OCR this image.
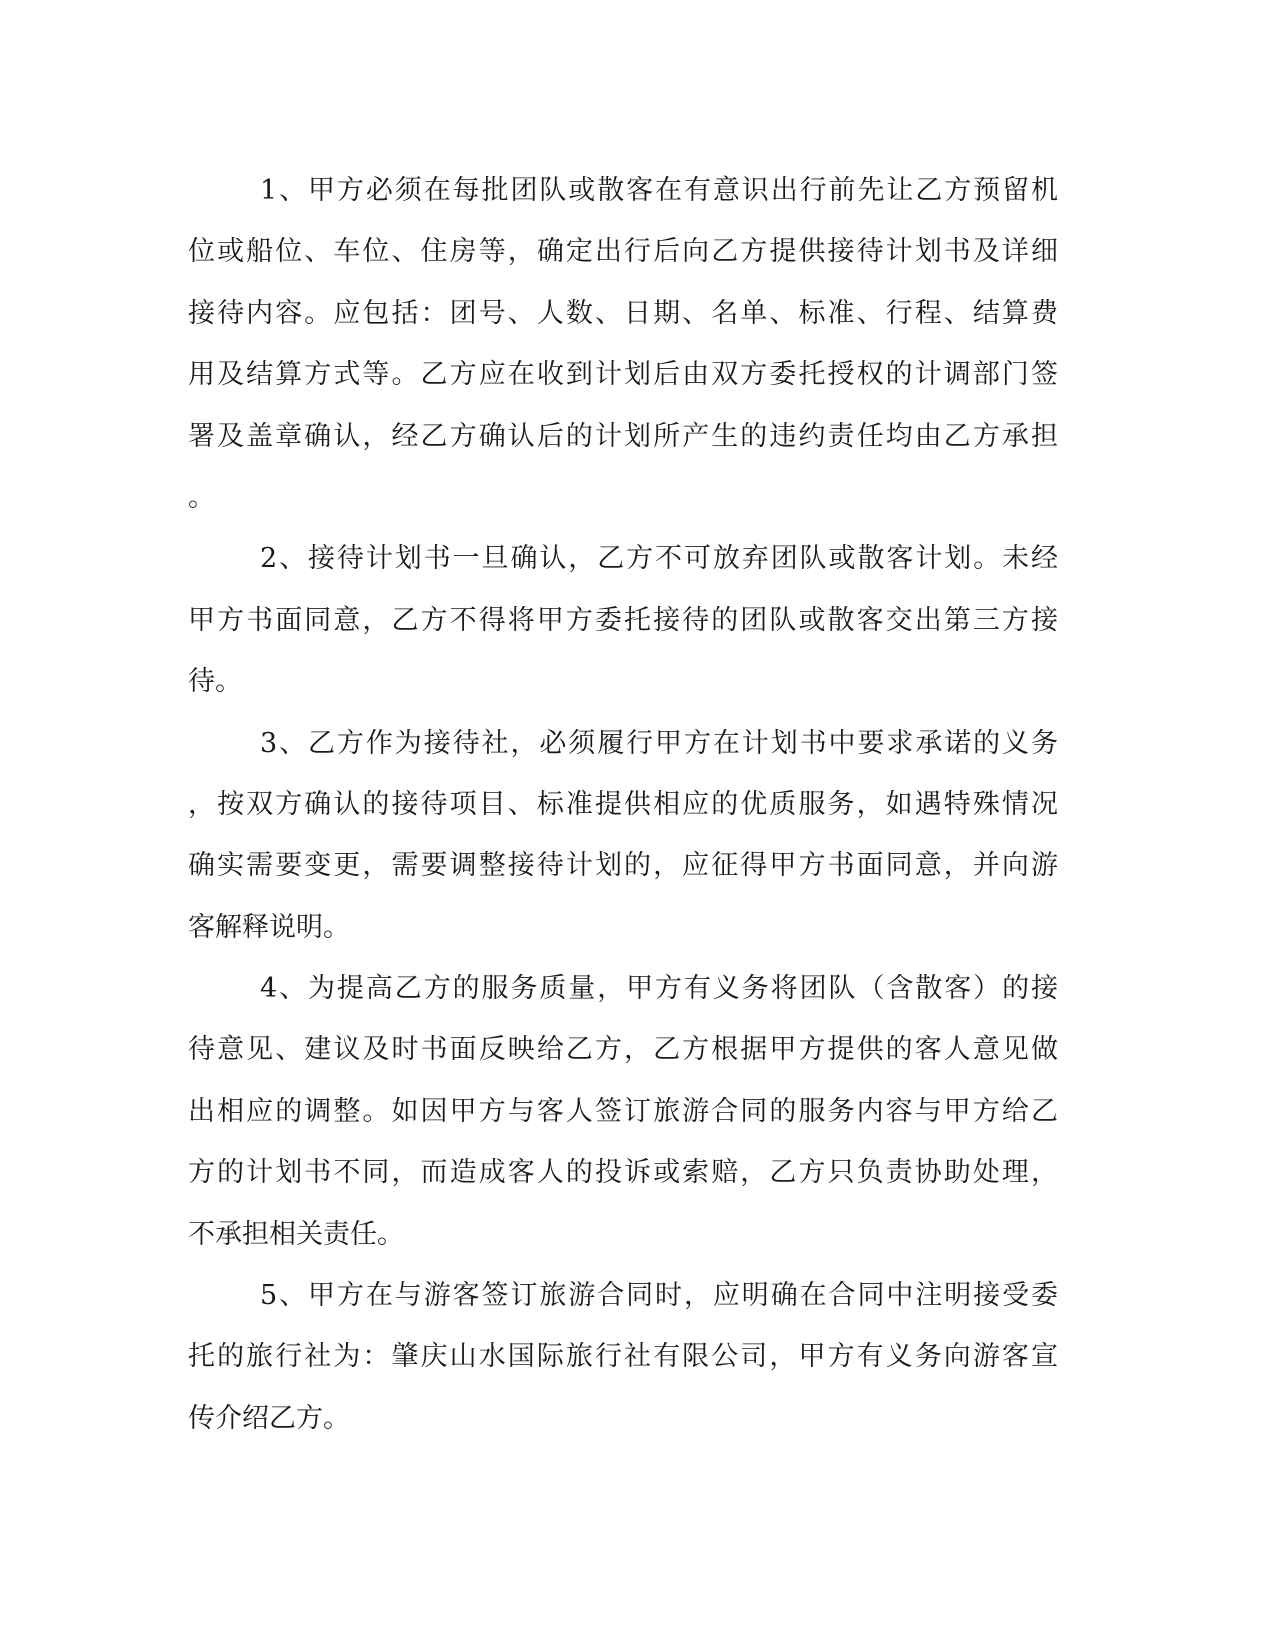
1、甲方必须在每批团队或散客在有意识出行前先让乙方预留机
位或船位、车位、住房等，确定出行后向乙方提供接待计划书及详细
接待内容。应包括：团号、人数、日期、名单、标准、行程、结算费
用及结算方式等。乙方应在收到计划后由双方委托授权的计调部门签
署及盖章确认，经乙方确认后的计划所产生的违约责任均由乙方承担
。
2、接待计划书一旦确认，乙方不可放弃团队或散客计划。未经
甲方书面同意，乙方不得将甲方委托接待的团队或散客交出第三方接
待。
3、乙方作为接待社，必须履行甲方在计划书中要求承诺的义务
，按双方确认的接待项目、标准提供相应的优质服务，如遇特殊情况
确实需要变更，需要调整接待计划的，应征得甲方书面同意，并向游
客解释说明。
4、为提高乙方的服务质量，甲方有义务将团队（含散客）的接
待意见、建议及时书面反映给乙方，乙方根据甲方提供的客人意见做
出相应的调整。如因甲方与客人签订旅游合同的服务内容与甲方给乙
方的计划书不同，而造成客人的投诉或索赔，乙方只负责协助处理，
不承担相关责任。
5、甲方在与游客签订旅游合同时，应明确在合同中注明接受委
托的旅行社为：肇庆山水国际旅行社有限公司，甲方有义务向游客宣
传介绍乙方。
